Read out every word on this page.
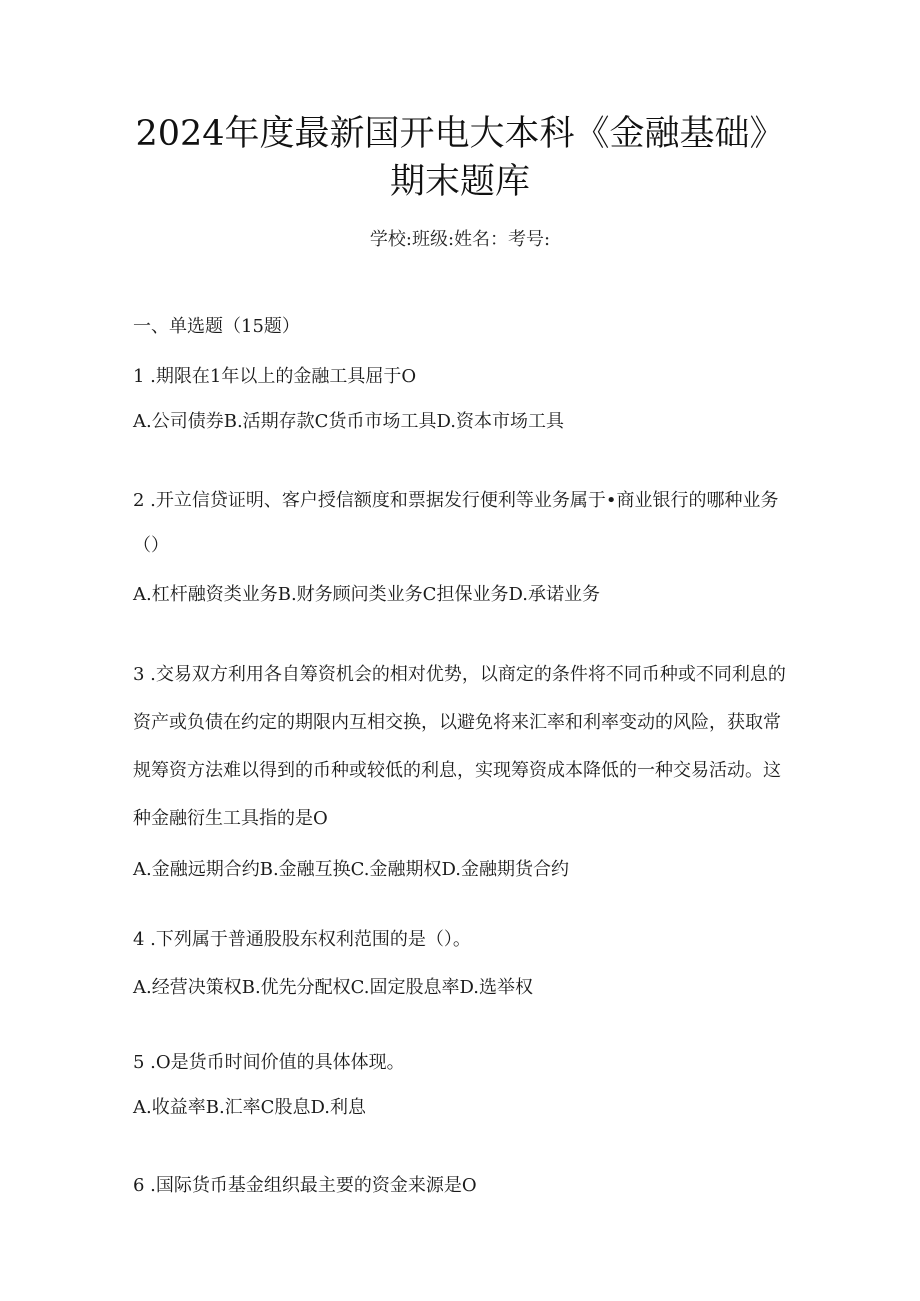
2024年度最新国开电大本科《金融基础》期末题库
学校:班级:姓名：考号:

一、单选题（15题）

1 .期限在1年以上的金融工具屈于O

A.公司债券B.活期存款C货币市场工具D.资本市场工具

2 .开立信贷证明、客户授信额度和票据发行便利等业务属于•商业银行的哪种业务（）

A.杠杆融资类业务B.财务顾问类业务C担保业务D.承诺业务

3 .交易双方利用各自筹资机会的相对优势，以商定的条件将不同币种或不同利息的资产或负债在约定的期限内互相交换，以避免将来汇率和利率变动的风险，获取常规筹资方法难以得到的币种或较低的利息，实现筹资成本降低的一种交易活动。这种金融衍生工具指的是O

A.金融远期合约B.金融互换C.金融期权D.金融期货合约

4 .下列属于普通股股东权利范围的是（）。

A.经营决策权B.优先分配权C.固定股息率D.选举权

5 .O是货币时间价值的具体体现。

A.收益率B.汇率C股息D.利息

6 .国际货币基金组织最主要的资金来源是O
